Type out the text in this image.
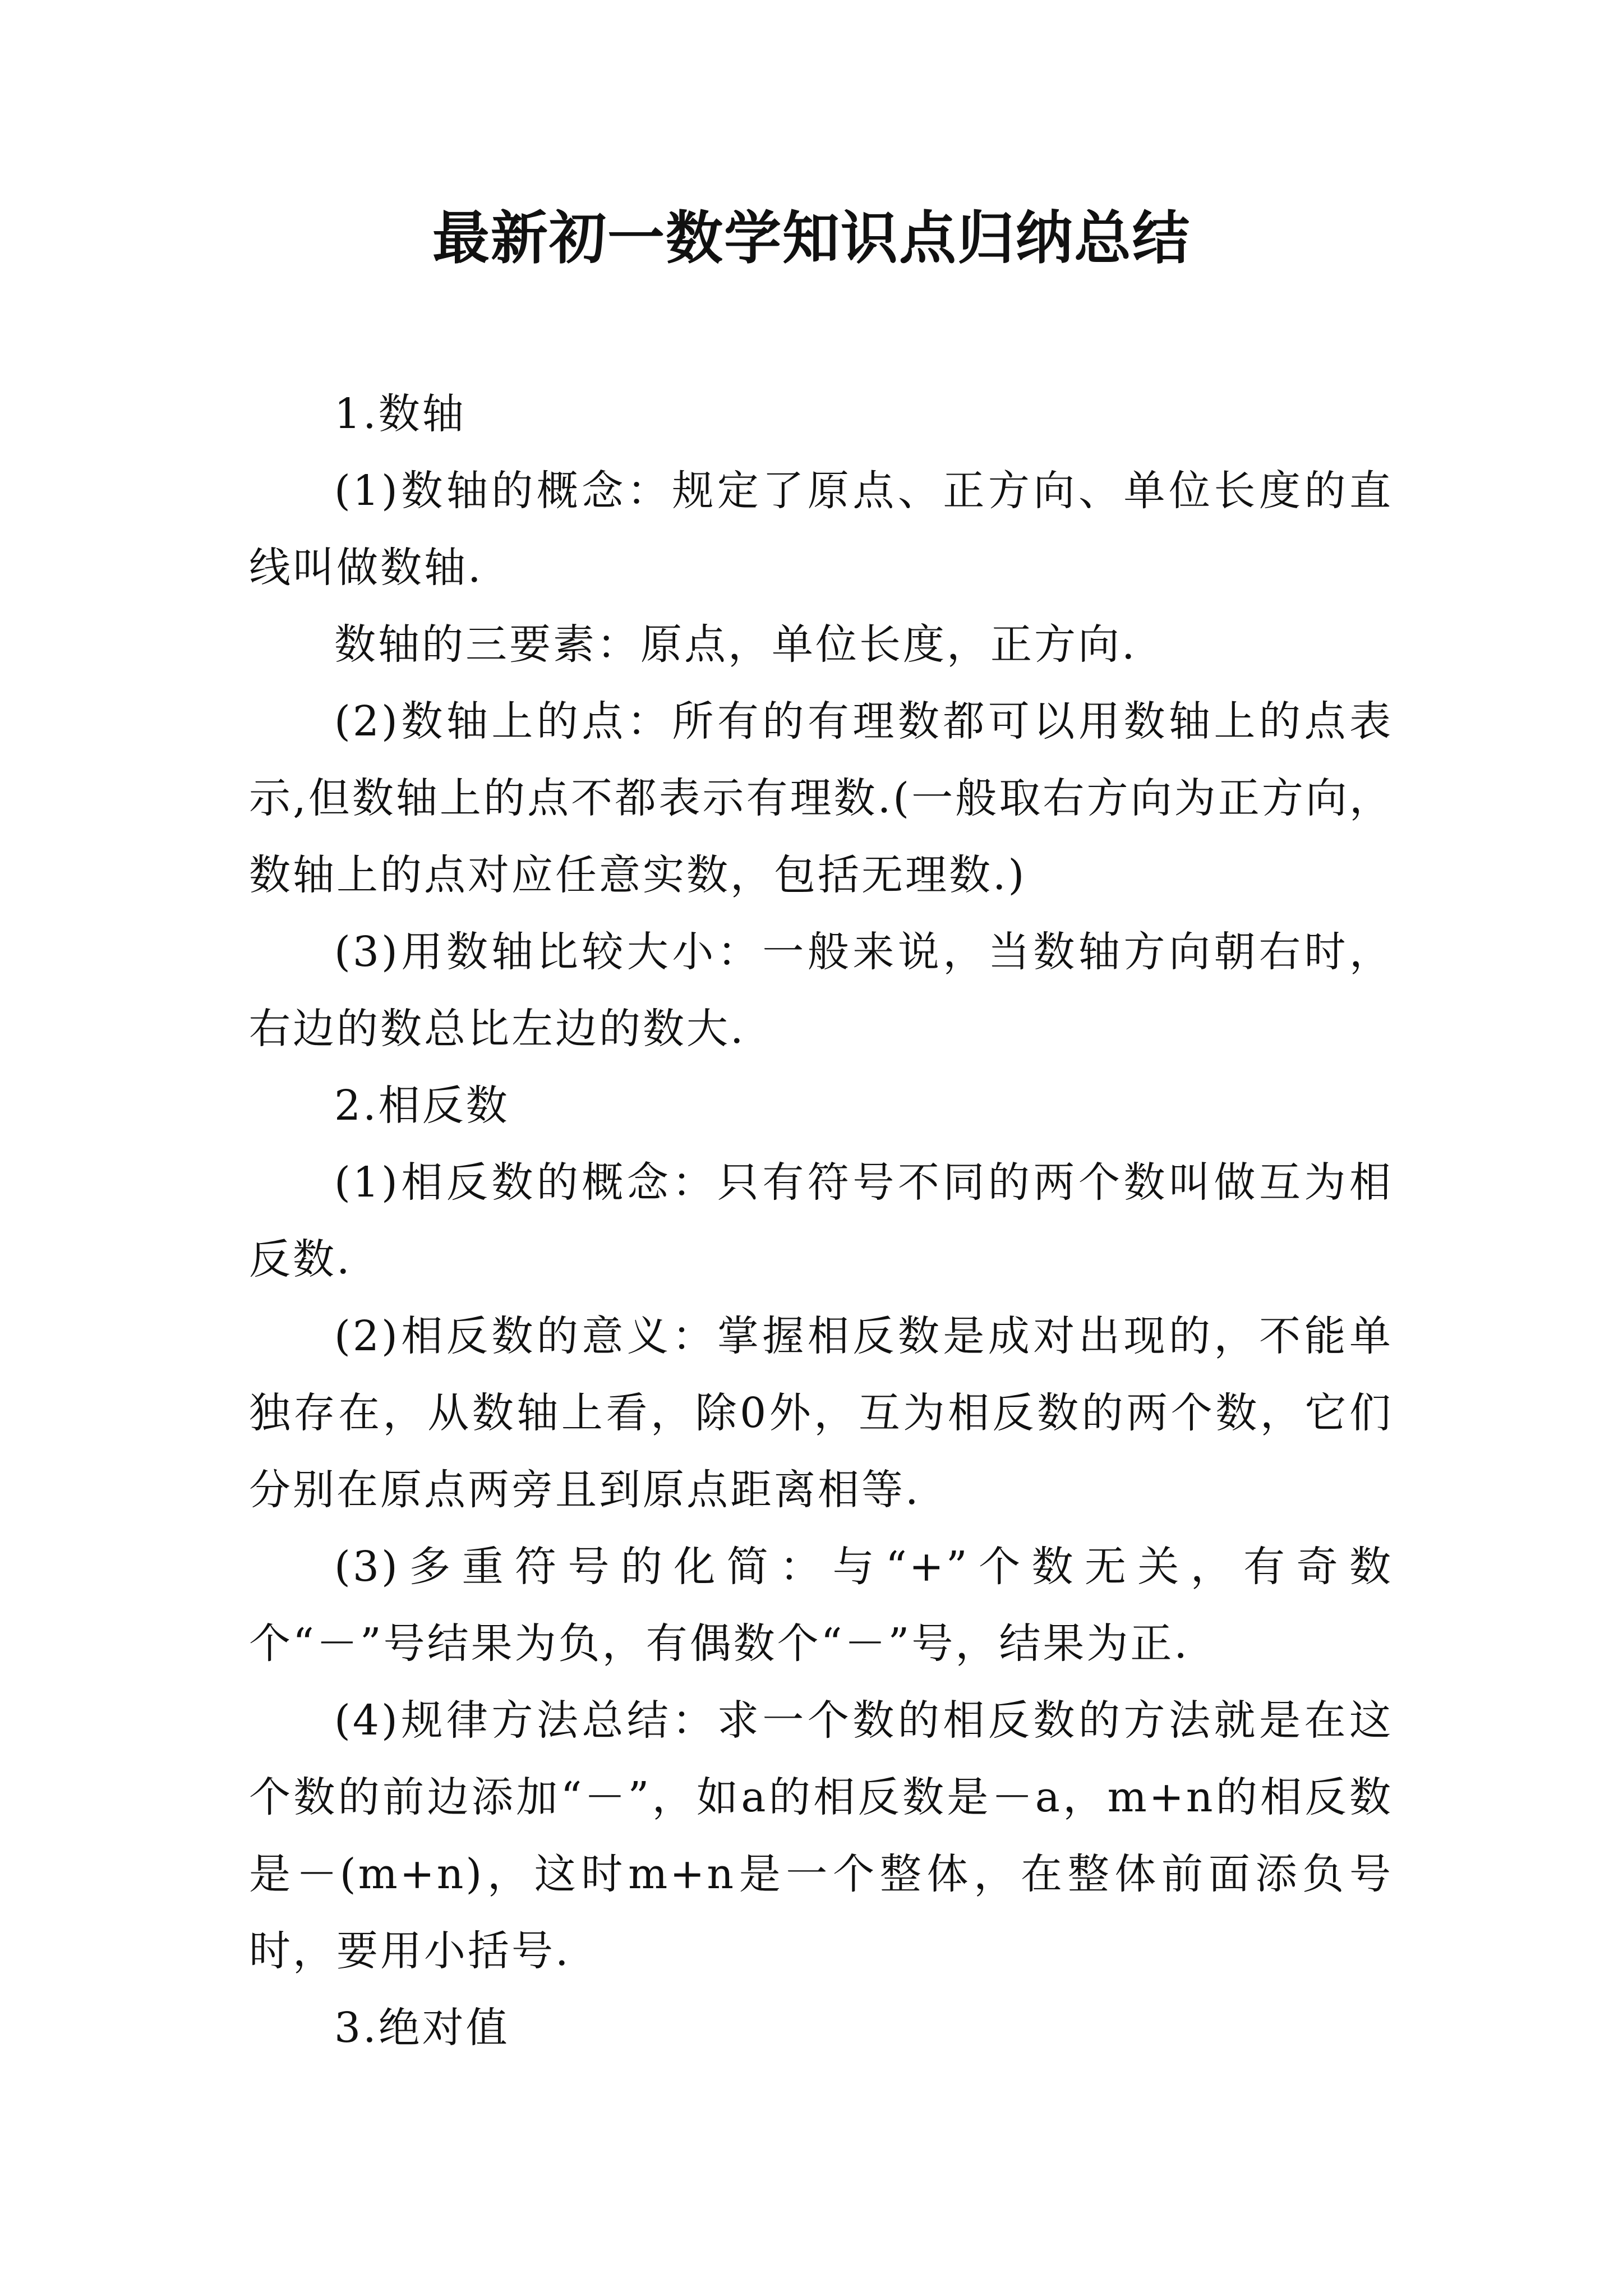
最新初一数学知识点归纳总结

1.数轴

(1)数轴的概念：规定了原点、正方向、单位长度的直线叫做数轴.

数轴的三要素：原点，单位长度，正方向.

(2)数轴上的点：所有的有理数都可以用数轴上的点表示,但数轴上的点不都表示有理数.(一般取右方向为正方向，数轴上的点对应任意实数，包括无理数.)

(3)用数轴比较大小：一般来说，当数轴方向朝右时，右边的数总比左边的数大.

2.相反数

(1)相反数的概念：只有符号不同的两个数叫做互为相反数.

(2)相反数的意义：掌握相反数是成对出现的，不能单独存在，从数轴上看，除0外，互为相反数的两个数，它们分别在原点两旁且到原点距离相等.

(3)多重符号的化简：与“+”个数无关，有奇数个“－”号结果为负，有偶数个“－”号，结果为正.

(4)规律方法总结：求一个数的相反数的方法就是在这个数的前边添加“－”，如a的相反数是－a，m+n的相反数是－(m+n)，这时m+n是一个整体，在整体前面添负号时，要用小括号.

3.绝对值
